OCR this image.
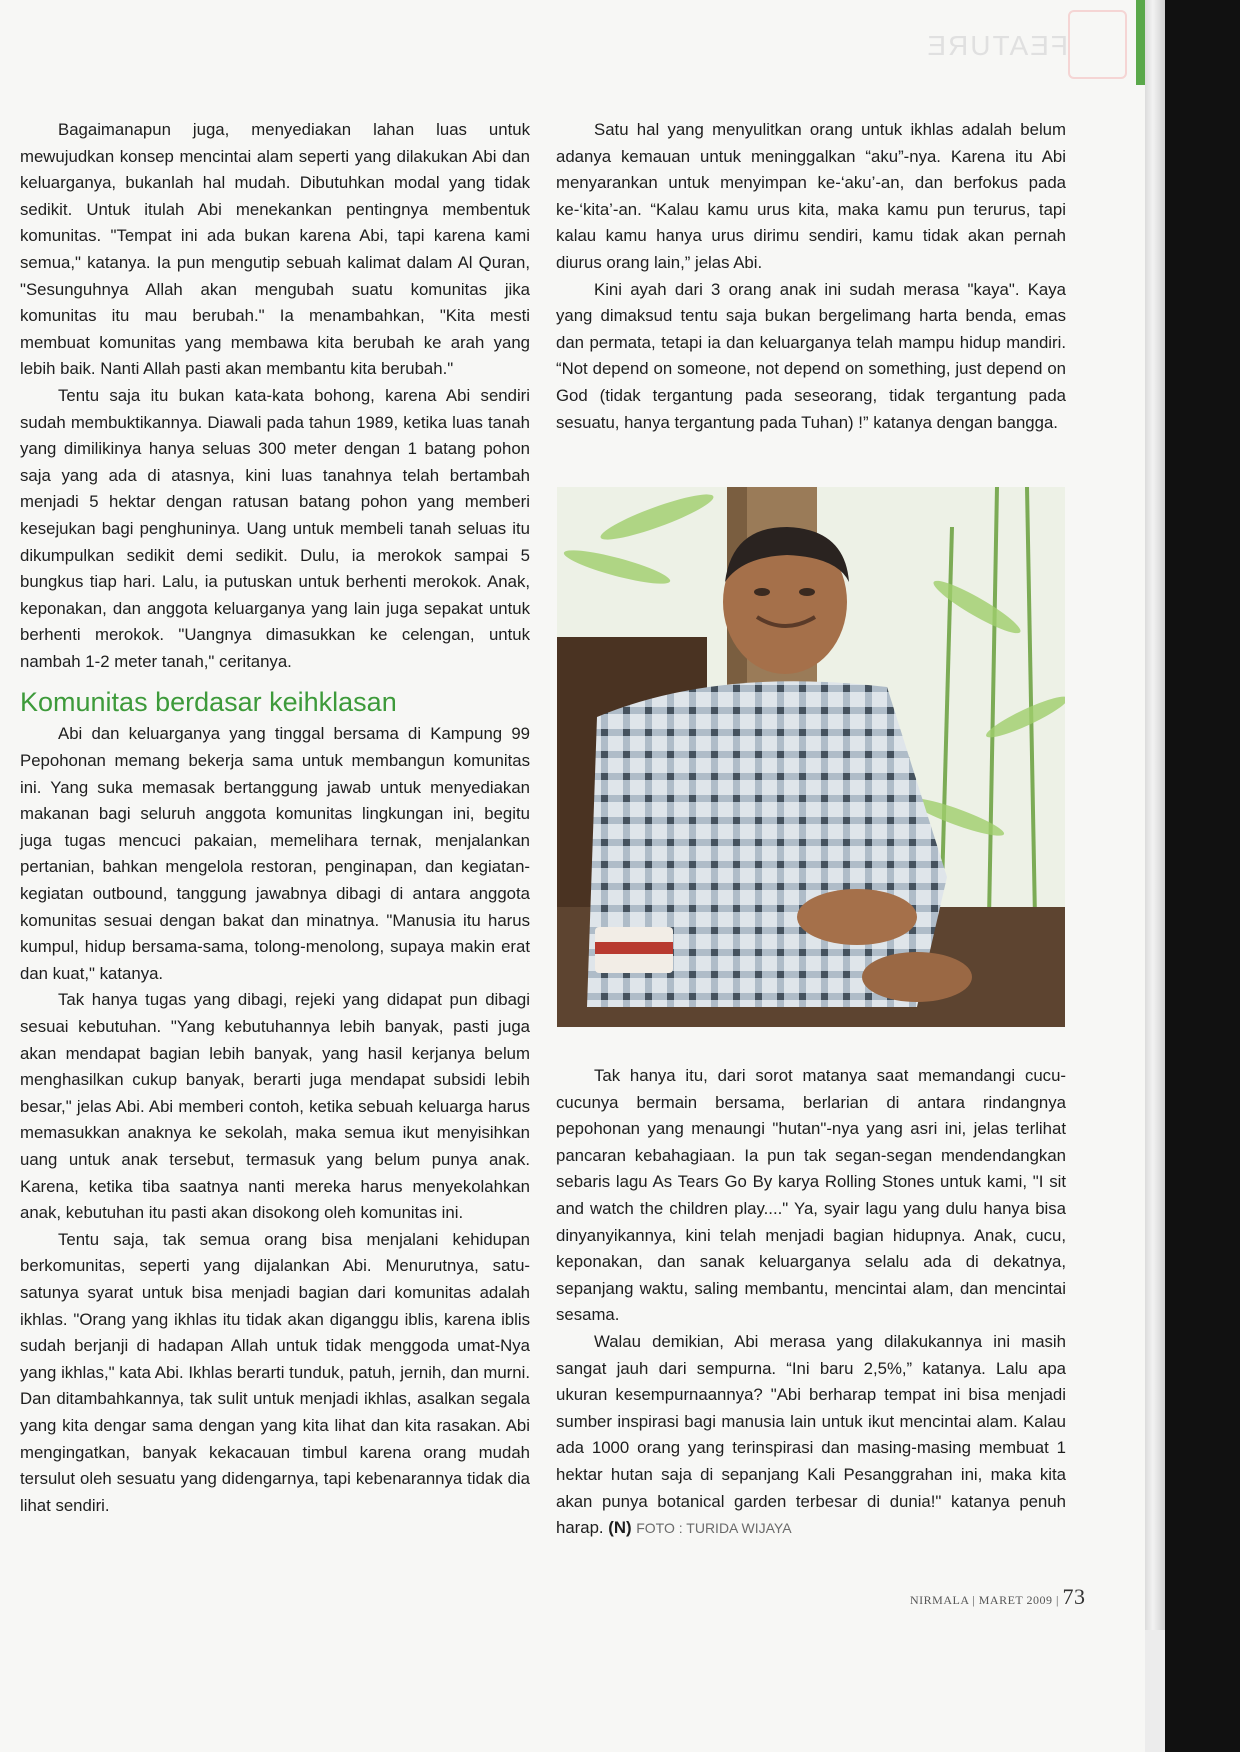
FEATURE

Bagaimanapun juga, menyediakan lahan luas untuk mewujudkan konsep mencintai alam seperti yang dilakukan Abi dan keluarganya, bukanlah hal mudah. Dibutuhkan modal yang tidak sedikit. Untuk itulah Abi menekankan pentingnya membentuk komunitas. "Tempat ini ada bukan karena Abi, tapi karena kami semua," katanya. Ia pun mengutip sebuah kalimat dalam Al Quran, "Sesunguhnya Allah akan mengubah suatu komunitas jika komunitas itu mau berubah." Ia menambahkan, "Kita mesti membuat komunitas yang membawa kita berubah ke arah yang lebih baik. Nanti Allah pasti akan membantu kita berubah."

Tentu saja itu bukan kata-kata bohong, karena Abi sendiri sudah membuktikannya. Diawali pada tahun 1989, ketika luas tanah yang dimilikinya hanya seluas 300 meter dengan 1 batang pohon saja yang ada di atasnya, kini luas tanahnya telah bertambah menjadi 5 hektar dengan ratusan batang pohon yang memberi kesejukan bagi penghuninya. Uang untuk membeli tanah seluas itu dikumpulkan sedikit demi sedikit. Dulu, ia merokok sampai 5 bungkus tiap hari. Lalu, ia putuskan untuk berhenti merokok. Anak, keponakan, dan anggota keluarganya yang lain juga sepakat untuk berhenti merokok. "Uangnya dimasukkan ke celengan, untuk nambah 1-2 meter tanah," ceritanya.

Komunitas berdasar keihklasan

Abi dan keluarganya yang tinggal bersama di Kampung 99 Pepohonan memang bekerja sama untuk membangun komunitas ini. Yang suka memasak bertanggung jawab untuk menyediakan makanan bagi seluruh anggota komunitas lingkungan ini, begitu juga tugas mencuci pakaian, memelihara ternak, menjalankan pertanian, bahkan mengelola restoran, penginapan, dan kegiatan-kegiatan outbound, tanggung jawabnya dibagi di antara anggota komunitas sesuai dengan bakat dan minatnya. "Manusia itu harus kumpul, hidup bersama-sama, tolong-menolong, supaya makin erat dan kuat," katanya.

Tak hanya tugas yang dibagi, rejeki yang didapat pun dibagi sesuai kebutuhan. "Yang kebutuhannya lebih banyak, pasti juga akan mendapat bagian lebih banyak, yang hasil kerjanya belum menghasilkan cukup banyak, berarti juga mendapat subsidi lebih besar," jelas Abi. Abi memberi contoh, ketika sebuah keluarga harus memasukkan anaknya ke sekolah, maka semua ikut menyisihkan uang untuk anak tersebut, termasuk yang belum punya anak. Karena, ketika tiba saatnya nanti mereka harus menyekolahkan anak, kebutuhan itu pasti akan disokong oleh komunitas ini.

Tentu saja, tak semua orang bisa menjalani kehidupan berkomunitas, seperti yang dijalankan Abi. Menurutnya, satu-satunya syarat untuk bisa menjadi bagian dari komunitas adalah ikhlas. "Orang yang ikhlas itu tidak akan diganggu iblis, karena iblis sudah berjanji di hadapan Allah untuk tidak menggoda umat-Nya yang ikhlas," kata Abi. Ikhlas berarti tunduk, patuh, jernih, dan murni. Dan ditambahkannya, tak sulit untuk menjadi ikhlas, asalkan segala yang kita dengar sama dengan yang kita lihat dan kita rasakan. Abi mengingatkan, banyak kekacauan timbul karena orang mudah tersulut oleh sesuatu yang didengarnya, tapi kebenarannya tidak dia lihat sendiri.

Satu hal yang menyulitkan orang untuk ikhlas adalah belum adanya kemauan untuk meninggalkan “aku”-nya. Karena itu Abi menyarankan untuk menyimpan ke-‘aku’-an, dan berfokus pada ke-‘kita’-an. “Kalau kamu urus kita, maka kamu pun terurus, tapi kalau kamu hanya urus dirimu sendiri, kamu tidak akan pernah diurus orang lain,” jelas Abi.

Kini ayah dari 3 orang anak ini sudah merasa "kaya". Kaya yang dimaksud tentu saja bukan bergelimang harta benda, emas dan permata, tetapi ia dan keluarganya telah mampu hidup mandiri. “Not depend on someone, not depend on something, just depend on God (tidak tergantung pada seseorang, tidak tergantung pada sesuatu, hanya tergantung pada Tuhan) !” katanya dengan bangga.

Tak hanya itu, dari sorot matanya saat memandangi cucu-cucunya bermain bersama, berlarian di antara rindangnya pepohonan yang menaungi "hutan"-nya yang asri ini, jelas terlihat pancaran kebahagiaan. Ia pun tak segan-segan mendendangkan sebaris lagu As Tears Go By karya Rolling Stones untuk kami, "I sit and watch the children play...." Ya, syair lagu yang dulu hanya bisa dinyanyikannya, kini telah menjadi bagian hidupnya. Anak, cucu, keponakan, dan sanak keluarganya selalu ada di dekatnya, sepanjang waktu, saling membantu, mencintai alam, dan mencintai sesama.

Walau demikian, Abi merasa yang dilakukannya ini masih sangat jauh dari sempurna. “Ini baru 2,5%,” katanya. Lalu apa ukuran kesempurnaannya? "Abi berharap tempat ini bisa menjadi sumber inspirasi bagi manusia lain untuk ikut mencintai alam. Kalau ada 1000 orang yang terinspirasi dan masing-masing membuat 1 hektar hutan saja di sepanjang Kali Pesanggrahan ini, maka kita akan punya botanical garden terbesar di dunia!" katanya penuh harap. (N) FOTO : TURIDA WIJAYA

NIRMALA | MARET 2009 | 73
